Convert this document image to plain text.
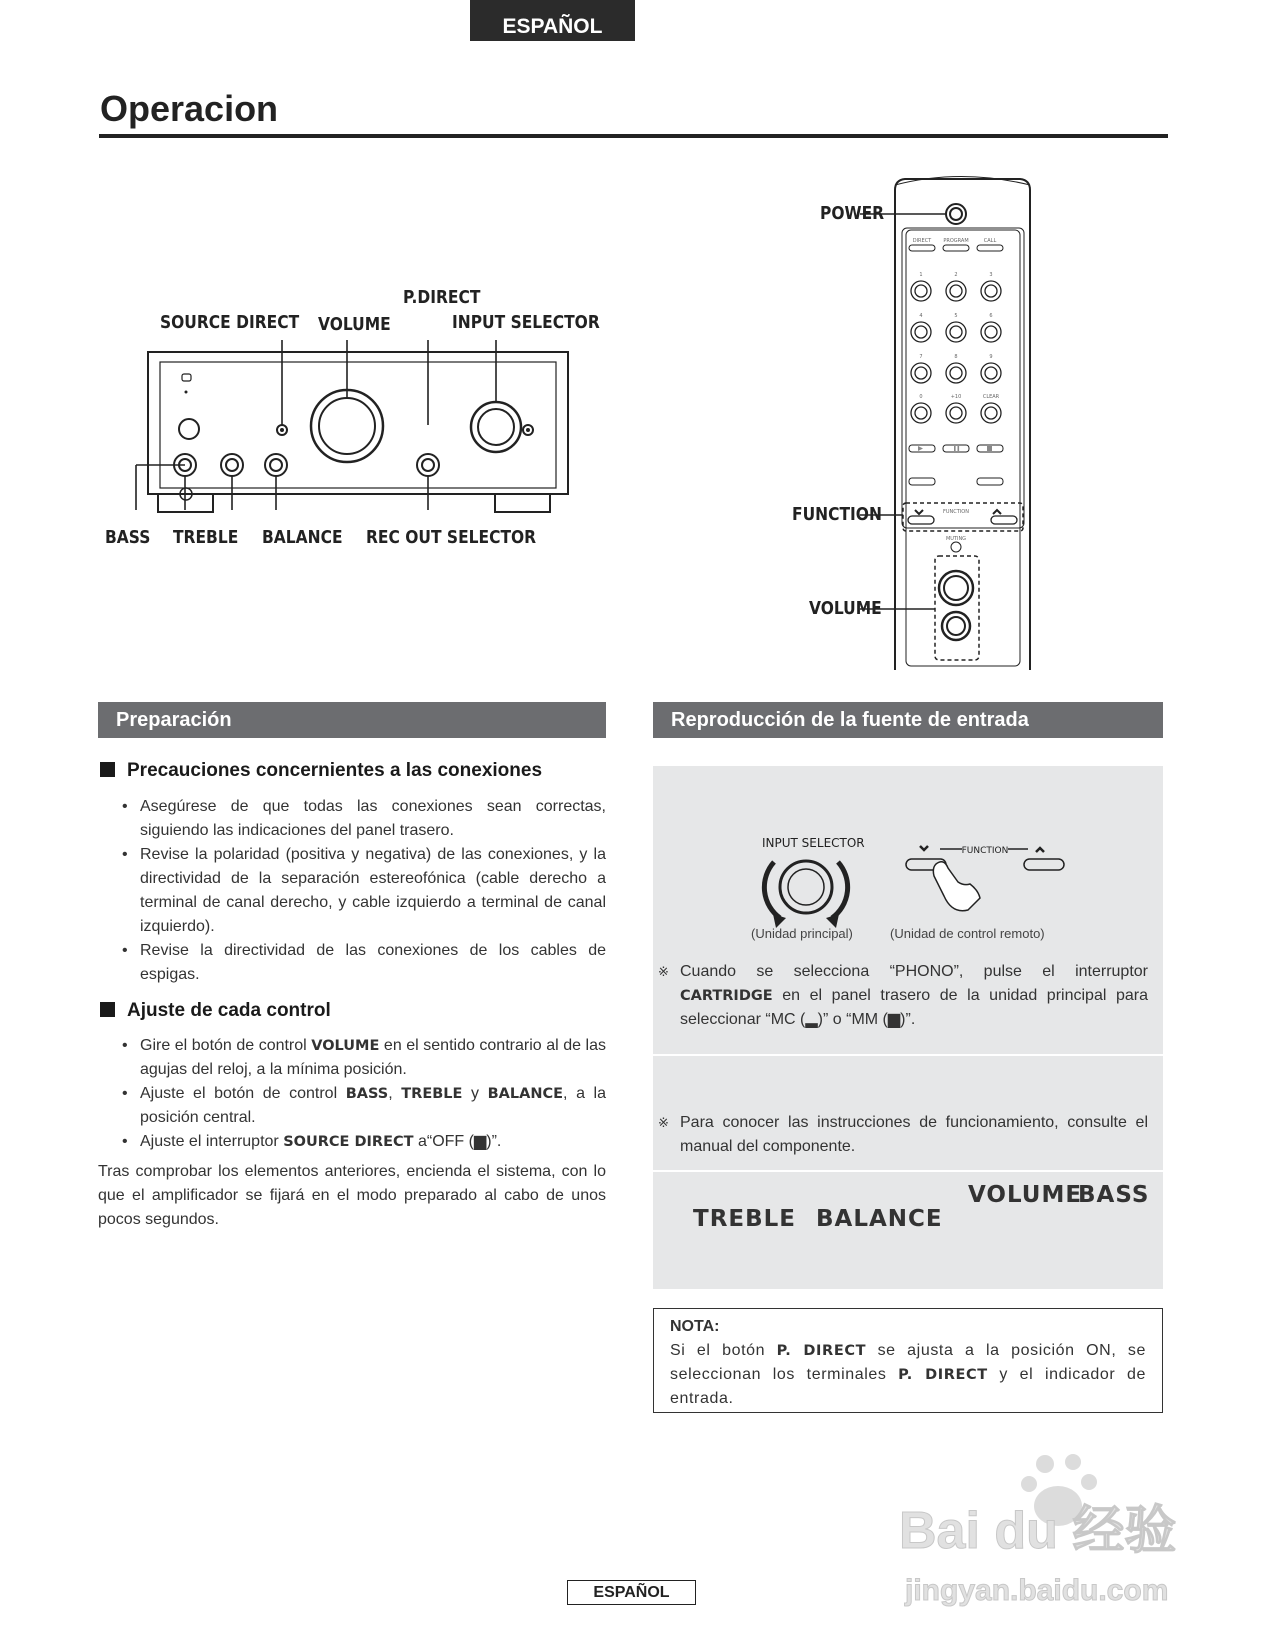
ESPAÑOL
Operacion
SOURCE DIRECT VOLUME
P.DIRECT
INPUT SELECTOR
BASS TREBLE BALANCE REC OUT SELECTOR
DIRECT PROGRAM	CALL
1	2	3
4	5	6
7	8	9
0	+10	CLEAR
FUNCTION
MUTING
POWER
FUNCTION
VOLUME
Preparación
Precauciones concernientes a las conexiones
• Asegúrese de que todas las conexiones sean correctas, siguiendo las indicaciones del panel trasero.
• Revise la polaridad (positiva y negativa) de las conexiones, y la directividad de la separación estereofónica (cable derecho a terminal de canal derecho, y cable izquierdo a terminal de canal izquierdo).
• Revise la directividad de las conexiones de los cables de espigas.
Ajuste de cada control
• Gire el botón de control VOLUME en el sentido contrario al de las agujas del reloj, a la mínima posición.
• Ajuste el botón de control BASS, TREBLE y BALANCE, a la posición central.
• Ajuste el interruptor SOURCE DIRECT a“OFF (▆)”.
Tras comprobar los elementos anteriores, encienda el sistema, con lo que el amplificador se fijará en el modo preparado al cabo de unos pocos segundos.
Reproducción de la fuente de entrada
INPUT SELECTOR
FUNCTION
(Unidad principal)	(Unidad de control remoto)
※ Cuando se selecciona “PHONO”, pulse el interruptor CARTRIDGE en el panel trasero de la unidad principal para seleccionar “MC (▂)” o “MM (▆)”.
※ Para conocer las instrucciones de funcionamiento, consulte el manual del componente.
VOLUME
BASS
TREBLE BALANCE
NOTA:
Si el botón P. DIRECT se ajusta a la posición ON, se seleccionan los terminales P. DIRECT y el indicador de entrada.
Bai du 经验
jingyan.baidu.com
ESPAÑOL
